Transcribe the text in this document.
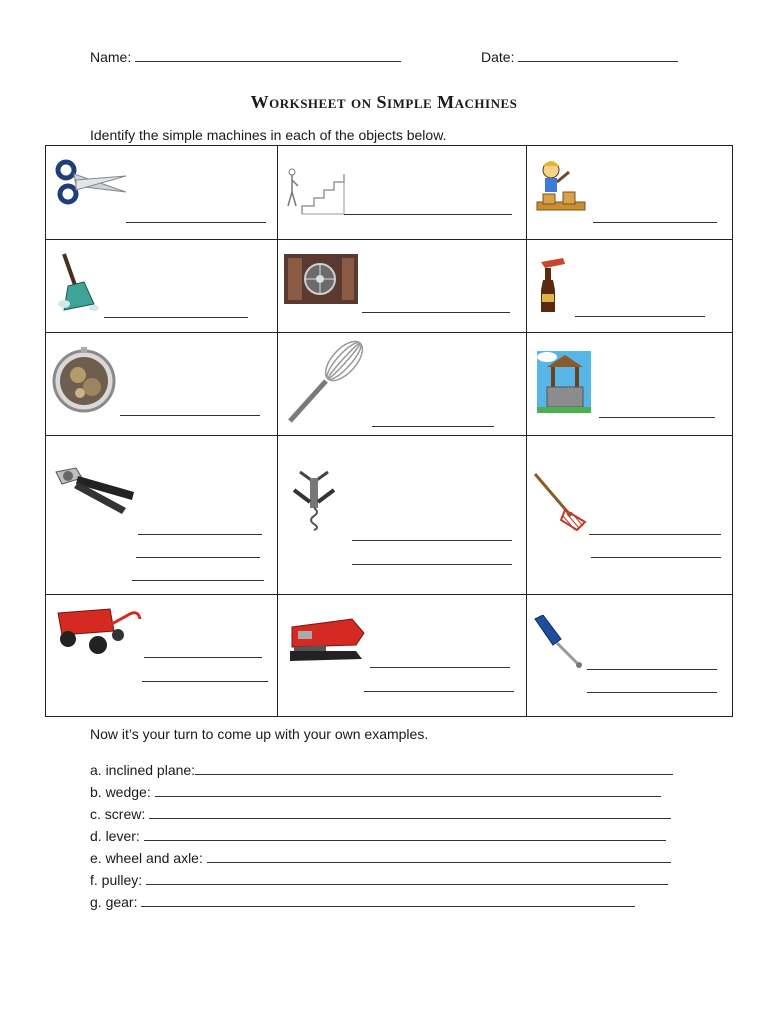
Name:	Date:
Worksheet on Simple Machines
Identify the simple machines in each of the objects below.

Now it’s your turn to come up with your own examples.
a. inclined plane:
b. wedge:
c. screw:
d. lever:
e. wheel and axle:
f. pulley:
g. gear:
